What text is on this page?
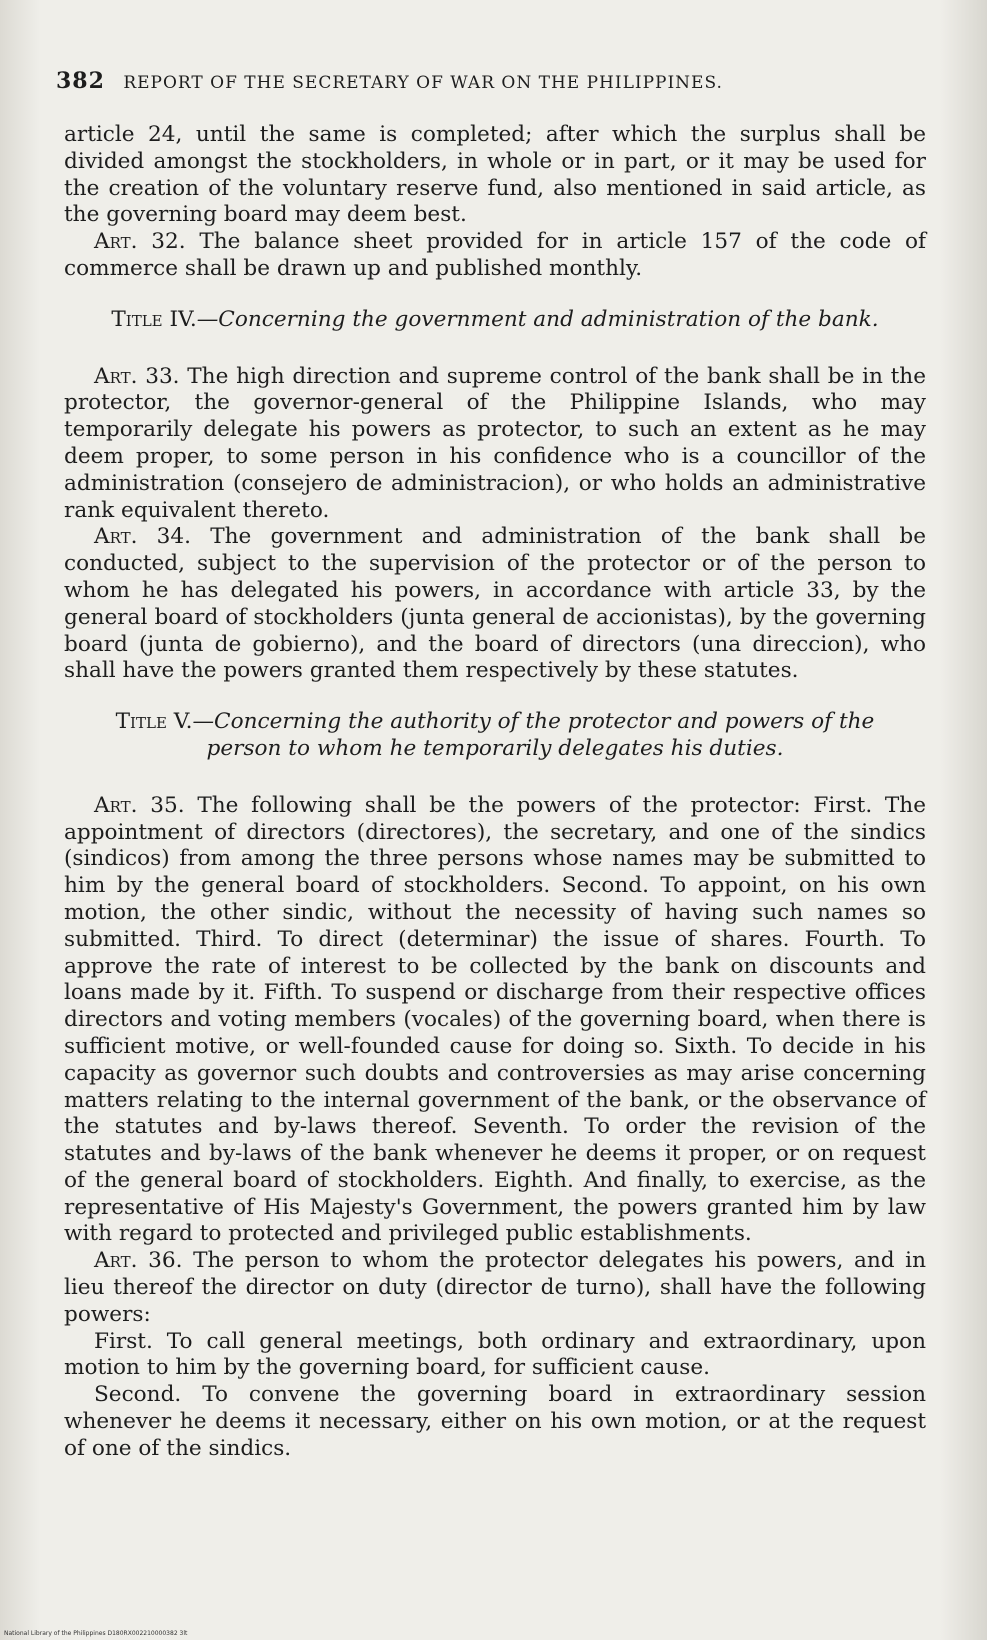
382 REPORT OF THE SECRETARY OF WAR ON THE PHILIPPINES.

article 24, until the same is completed; after which the surplus shall be divided amongst the stockholders, in whole or in part, or it may be used for the creation of the voluntary reserve fund, also mentioned in said article, as the governing board may deem best.

Art. 32. The balance sheet provided for in article 157 of the code of commerce shall be drawn up and published monthly.

Title IV.—Concerning the government and administration of the bank.

Art. 33. The high direction and supreme control of the bank shall be in the protector, the governor-general of the Philippine Islands, who may temporarily delegate his powers as protector, to such an extent as he may deem proper, to some person in his confidence who is a councillor of the administration (consejero de administracion), or who holds an administrative rank equivalent thereto.

Art. 34. The government and administration of the bank shall be conducted, subject to the supervision of the protector or of the person to whom he has delegated his powers, in accordance with article 33, by the general board of stockholders (junta general de accionistas), by the governing board (junta de gobierno), and the board of directors (una direccion), who shall have the powers granted them respectively by these statutes.

Title V.—Concerning the authority of the protector and powers of the person to whom he temporarily delegates his duties.

Art. 35. The following shall be the powers of the protector: First. The appointment of directors (directores), the secretary, and one of the sindics (sindicos) from among the three persons whose names may be submitted to him by the general board of stockholders. Second. To appoint, on his own motion, the other sindic, without the necessity of having such names so submitted. Third. To direct (determinar) the issue of shares. Fourth. To approve the rate of interest to be collected by the bank on discounts and loans made by it. Fifth. To suspend or discharge from their respective offices directors and voting members (vocales) of the governing board, when there is sufficient motive, or well-founded cause for doing so. Sixth. To decide in his capacity as governor such doubts and controversies as may arise concerning matters relating to the internal government of the bank, or the observance of the statutes and by-laws thereof. Seventh. To order the revision of the statutes and by-laws of the bank whenever he deems it proper, or on request of the general board of stockholders. Eighth. And finally, to exercise, as the representative of His Majesty's Government, the powers granted him by law with regard to protected and privileged public establishments.

Art. 36. The person to whom the protector delegates his powers, and in lieu thereof the director on duty (director de turno), shall have the following powers:

First. To call general meetings, both ordinary and extraordinary, upon motion to him by the governing board, for sufficient cause.

Second. To convene the governing board in extraordinary session whenever he deems it necessary, either on his own motion, or at the request of one of the sindics.

National Library of the Philippines D180RX002210000382 3lt
